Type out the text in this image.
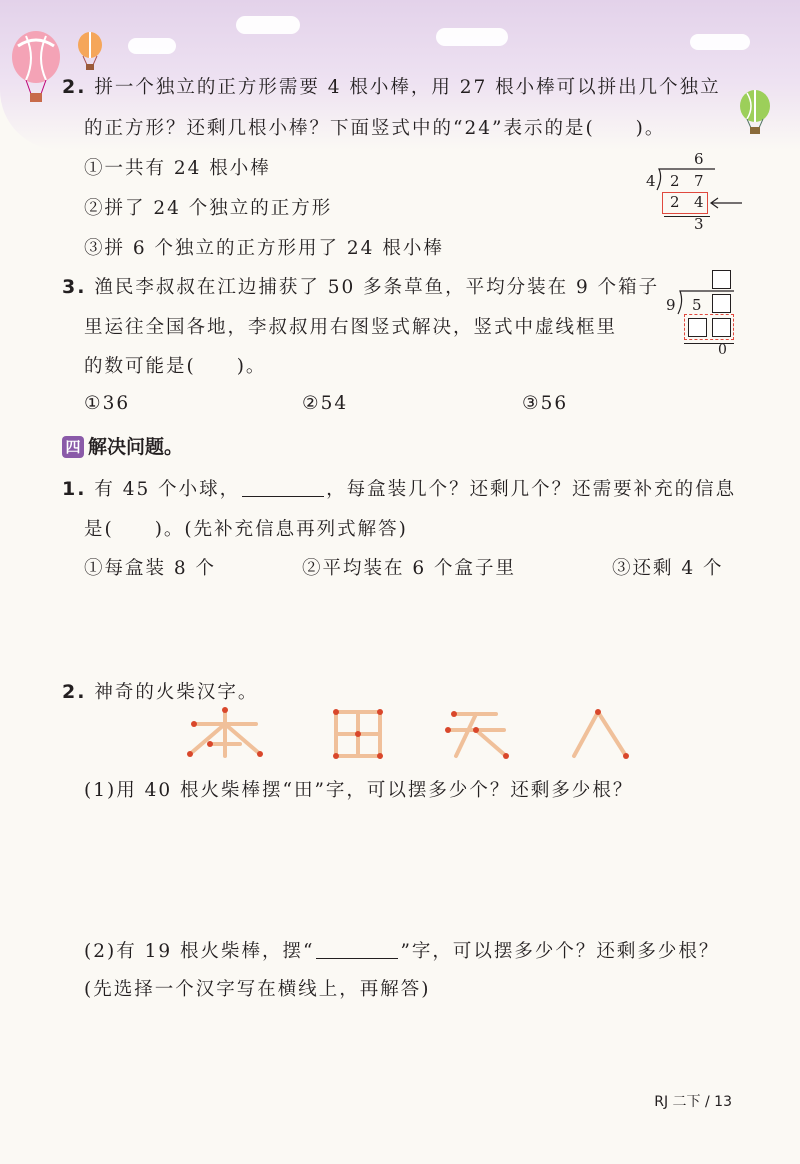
2. 拼一个独立的正方形需要 4 根小棒，用 27 根小棒可以拼出几个独立
的正方形？还剩几根小棒？下面竖式中的“24”表示的是(　　)。
①一共有 24 根小棒
②拼了 24 个独立的正方形
③拼 6 个独立的正方形用了 24 根小棒
6
4 2 7
2 4
3
3. 渔民李叔叔在江边捕获了 50 多条草鱼，平均分装在 9 个箱子
里运往全国各地，李叔叔用右图竖式解决，竖式中虚线框里
的数可能是(　　)。
①36	②54	③56
9 5
0
四 解决问题。
1. 有 45 个小球，	，每盒装几个？还剩几个？还需要补充的信息
是(　　)。(先补充信息再列式解答)
①每盒装 8 个	②平均装在 6 个盒子里	③还剩 4 个
2. 神奇的火柴汉字。
(1)用 40 根火柴棒摆“田”字，可以摆多少个？还剩多少根？
(2)有 19 根火柴棒，摆“	”字，可以摆多少个？还剩多少根？
(先选择一个汉字写在横线上，再解答)
RJ 二下 / 13
